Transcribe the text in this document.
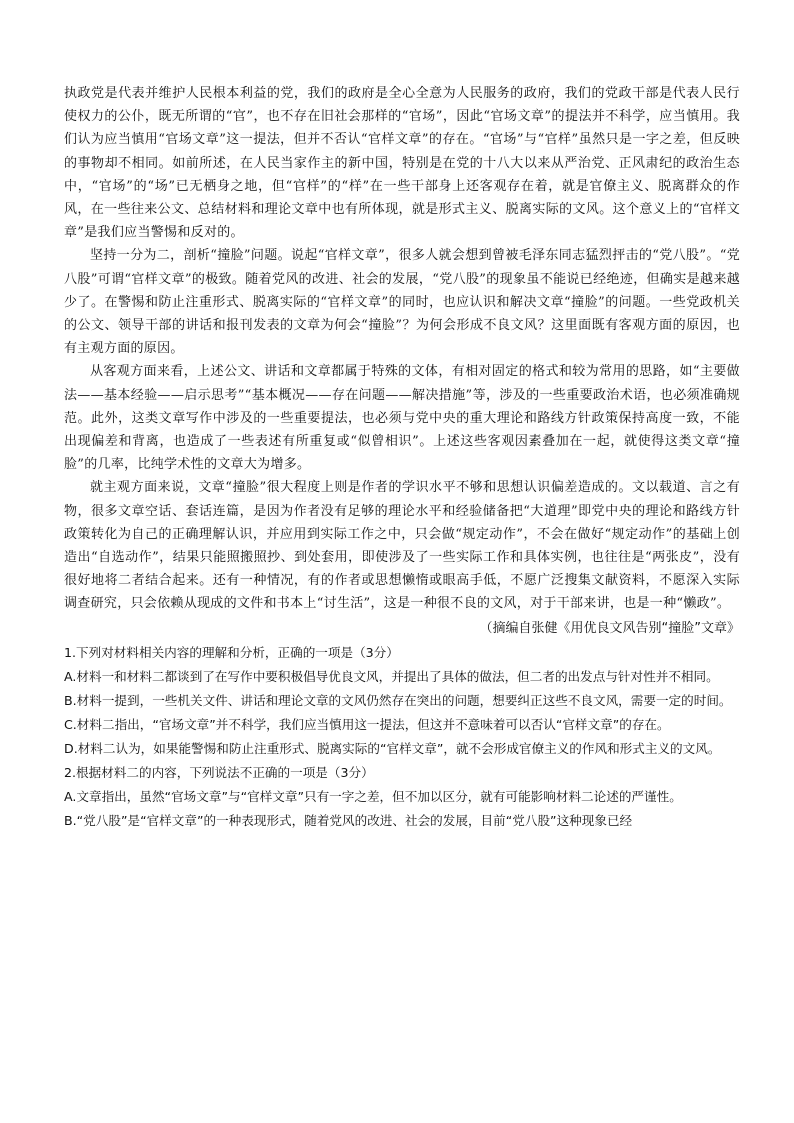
执政党是代表并维护人民根本利益的党，我们的政府是全心全意为人民服务的政府，我们的党政干部是代表人民行使权力的公仆，既无所谓的“官”，也不存在旧社会那样的“官场”，因此“官场文章”的提法并不科学，应当慎用。我们认为应当慎用“官场文章”这一提法，但并不否认“官样文章”的存在。“官场”与“官样”虽然只是一字之差，但反映的事物却不相同。如前所述，在人民当家作主的新中国，特别是在党的十八大以来从严治党、正风肃纪的政治生态中，“官场”的“场”已无栖身之地，但“官样”的“样”在一些干部身上还客观存在着，就是官僚主义、脱离群众的作风，在一些往来公文、总结材料和理论文章中也有所体现，就是形式主义、脱离实际的文风。这个意义上的“官样文章”是我们应当警惕和反对的。

坚持一分为二，剖析“撞脸”问题。说起“官样文章”，很多人就会想到曾被毛泽东同志猛烈抨击的“党八股”。“党八股”可谓“官样文章”的极致。随着党风的改进、社会的发展，“党八股”的现象虽不能说已经绝迹，但确实是越来越少了。在警惕和防止注重形式、脱离实际的“官样文章”的同时，也应认识和解决文章“撞脸”的问题。一些党政机关的公文、领导干部的讲话和报刊发表的文章为何会“撞脸”？为何会形成不良文风？这里面既有客观方面的原因，也有主观方面的原因。

从客观方面来看，上述公文、讲话和文章都属于特殊的文体，有相对固定的格式和较为常用的思路，如“主要做法——基本经验——启示思考”“基本概况——存在问题——解决措施”等，涉及的一些重要政治术语，也必须准确规范。此外，这类文章写作中涉及的一些重要提法，也必须与党中央的重大理论和路线方针政策保持高度一致，不能出现偏差和背离，也造成了一些表述有所重复或“似曾相识”。上述这些客观因素叠加在一起，就使得这类文章“撞脸”的几率，比纯学术性的文章大为增多。

就主观方面来说，文章“撞脸”很大程度上则是作者的学识水平不够和思想认识偏差造成的。文以载道、言之有物，很多文章空话、套话连篇，是因为作者没有足够的理论水平和经验储备把“大道理”即党中央的理论和路线方针政策转化为自己的正确理解认识，并应用到实际工作之中，只会做“规定动作”，不会在做好“规定动作”的基础上创造出“自选动作”，结果只能照搬照抄、到处套用，即使涉及了一些实际工作和具体实例，也往往是“两张皮”，没有很好地将二者结合起来。还有一种情况，有的作者或思想懒惰或眼高手低，不愿广泛搜集文献资料，不愿深入实际调查研究，只会依赖从现成的文件和书本上“讨生活”，这是一种很不良的文风，对于干部来讲，也是一种“懒政”。

（摘编自张健《用优良文风告别“撞脸”文章》

1.下列对材料相关内容的理解和分析，正确的一项是（3分）

A.材料一和材料二都谈到了在写作中要积极倡导优良文风，并提出了具体的做法，但二者的出发点与针对性并不相同。

B.材料一提到，一些机关文件、讲话和理论文章的文风仍然存在突出的问题，想要纠正这些不良文风，需要一定的时间。

C.材料二指出，“官场文章”并不科学，我们应当慎用这一提法，但这并不意味着可以否认“官样文章”的存在。

D.材料二认为，如果能警惕和防止注重形式、脱离实际的“官样文章”，就不会形成官僚主义的作风和形式主义的文风。

2.根据材料二的内容，下列说法不正确的一项是（3分）

A.文章指出，虽然“官场文章”与“官样文章”只有一字之差，但不加以区分，就有可能影响材料二论述的严谨性。

B.“党八股”是“官样文章”的一种表现形式，随着党风的改进、社会的发展，目前“党八股”这种现象已经
